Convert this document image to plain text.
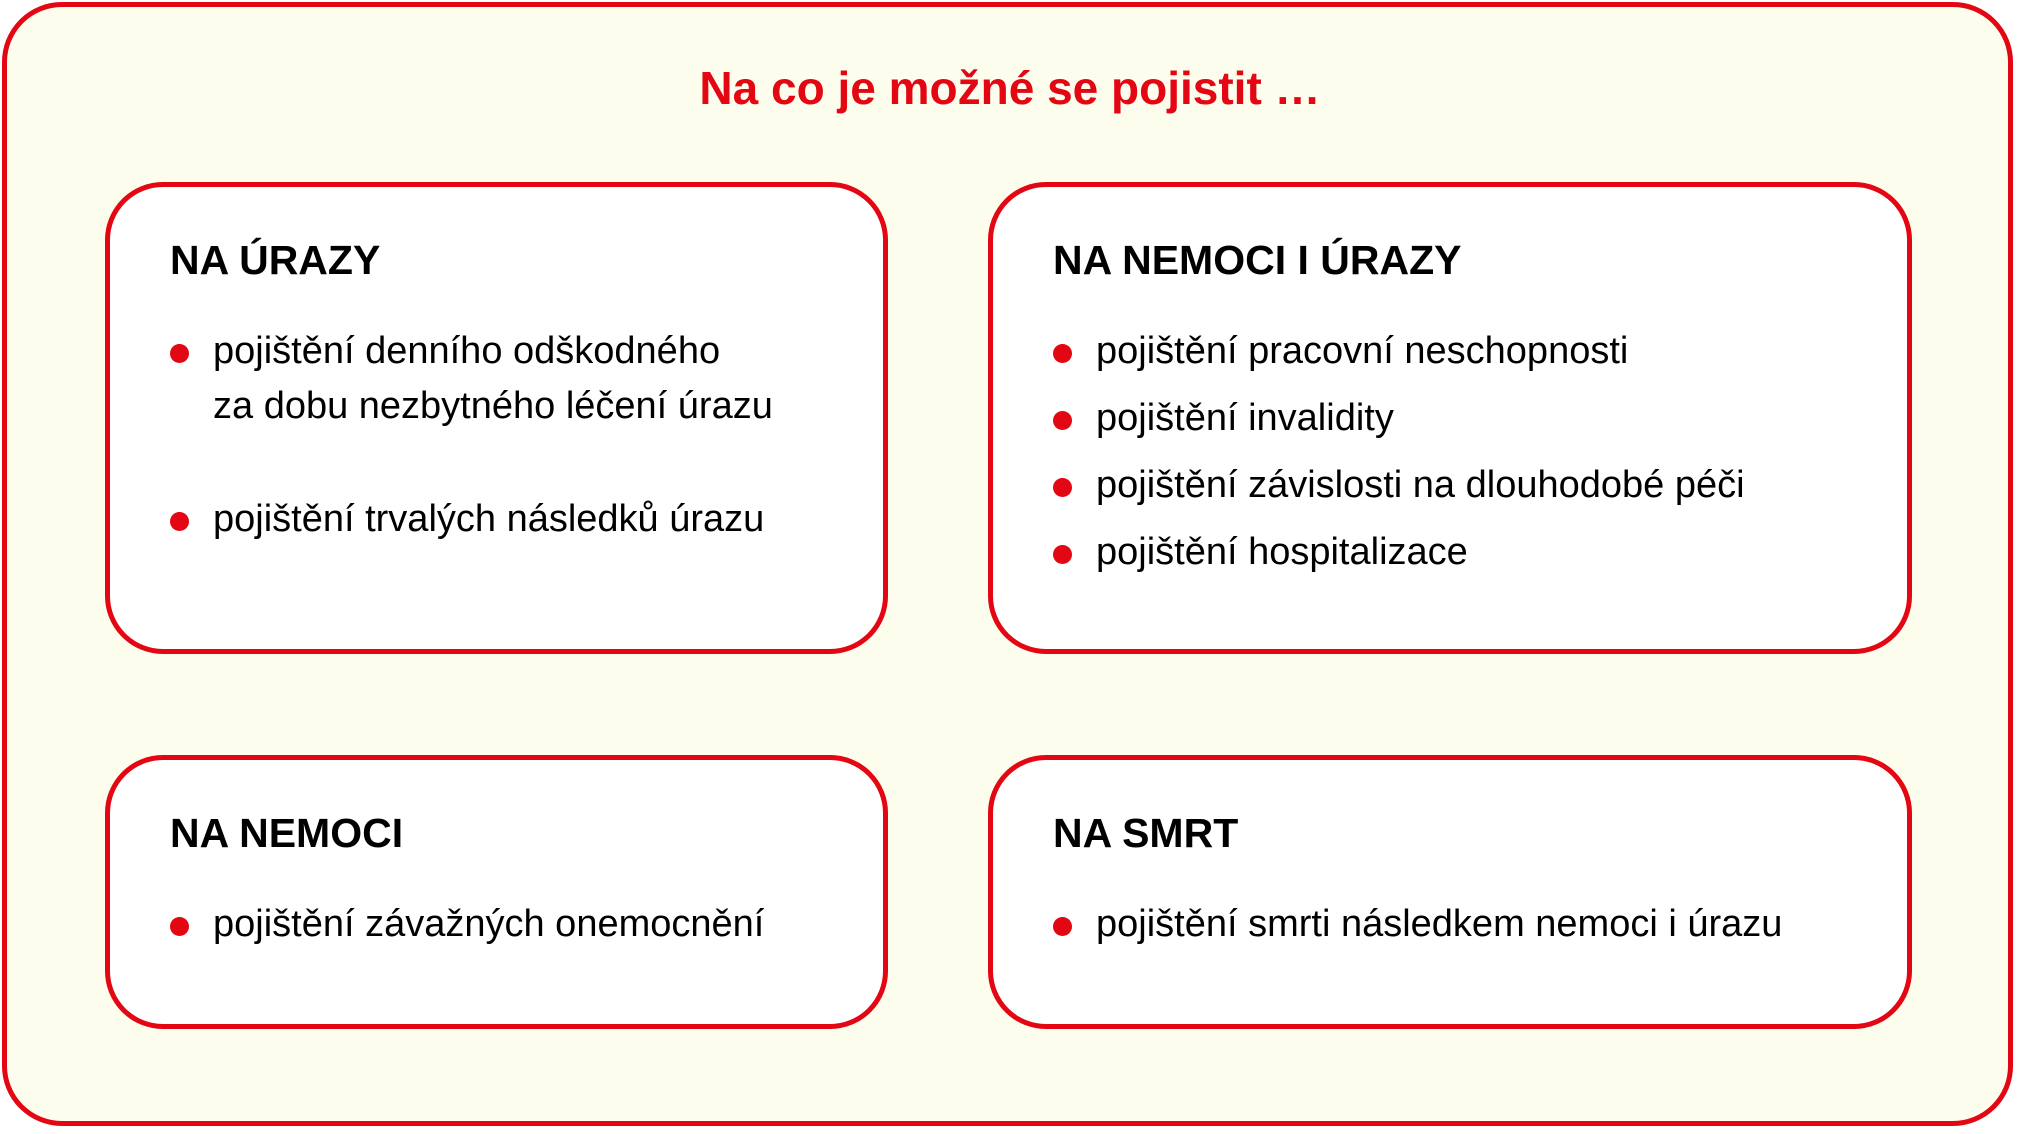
Na co je možné se pojistit …
NA ÚRAZY
pojištění denního odškodného
za dobu nezbytného léčení úrazu
pojištění trvalých následků úrazu
NA NEMOCI I ÚRAZY
pojištění pracovní neschopnosti
pojištění invalidity
pojištění závislosti na dlouhodobé péči
pojištění hospitalizace
NA NEMOCI
pojištění závažných onemocnění
NA SMRT
pojištění smrti následkem nemoci i úrazu
